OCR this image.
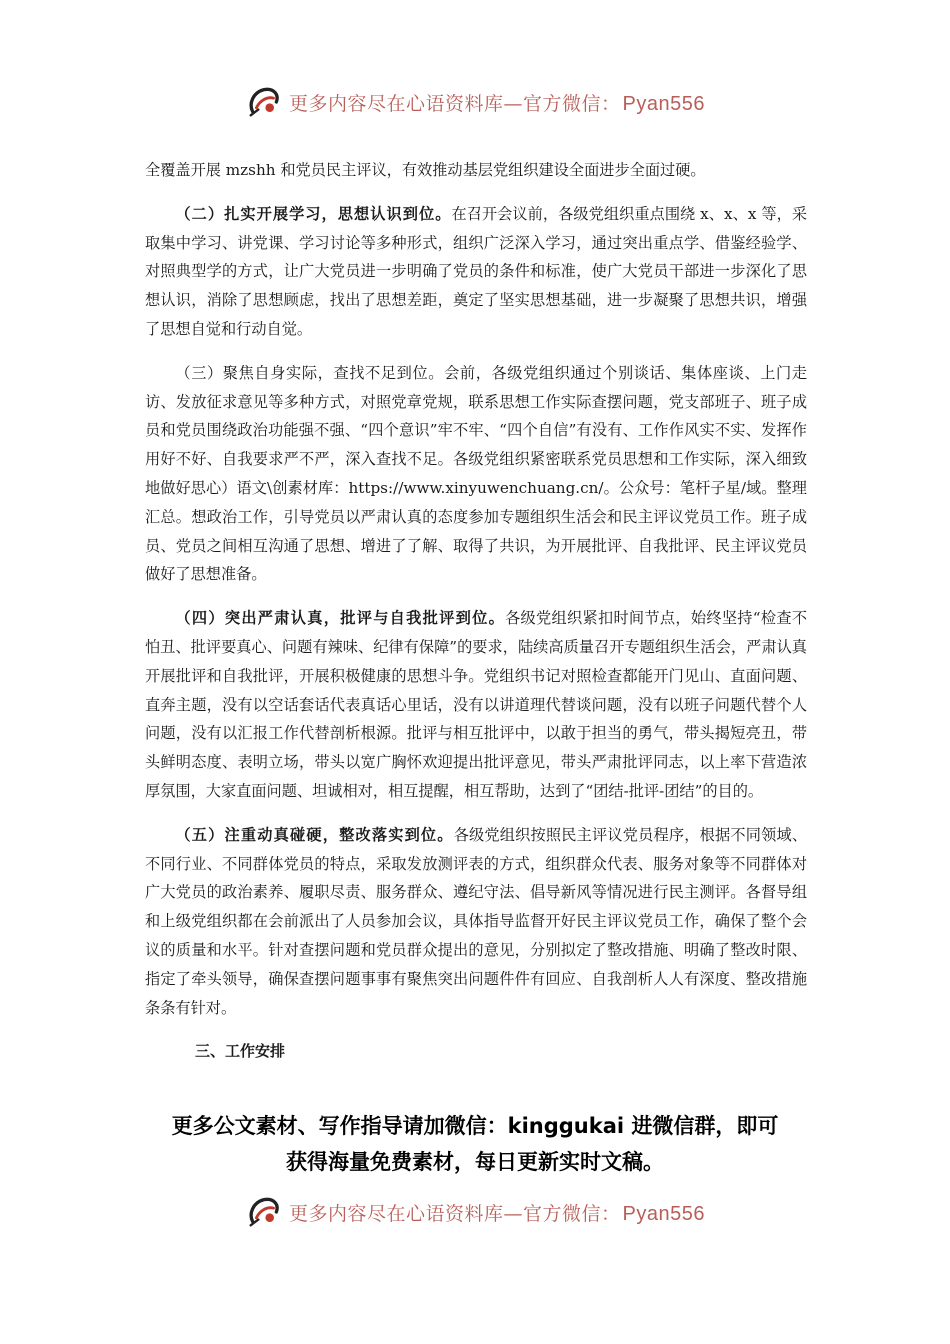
更多内容尽在心语资料库—官方微信： Pyan556

全覆盖开展 mzshh 和党员民主评议，有效推动基层党组织建设全面进步全面过硬。

（二）扎实开展学习，思想认识到位。在召开会议前，各级党组织重点围绕 x、x、x 等，采取集中学习、讲党课、学习讨论等多种形式，组织广泛深入学习，通过突出重点学、借鉴经验学、对照典型学的方式，让广大党员进一步明确了党员的条件和标准，使广大党员干部进一步深化了思想认识，消除了思想顾虑，找出了思想差距，奠定了坚实思想基础，进一步凝聚了思想共识，增强了思想自觉和行动自觉。

（三）聚焦自身实际，查找不足到位。会前，各级党组织通过个别谈话、集体座谈、上门走访、发放征求意见等多种方式，对照党章党规，联系思想工作实际查摆问题，党支部班子、班子成员和党员围绕政治功能强不强、“四个意识”牢不牢、“四个自信”有没有、工作作风实不实、发挥作用好不好、自我要求严不严，深入查找不足。各级党组织紧密联系党员思想和工作实际，深入细致地做好思心）语文\创素材库：https://www.xinyuwenchuang.cn/。公众号：笔杆子星/域。整理汇总。想政治工作，引导党员以严肃认真的态度参加专题组织生活会和民主评议党员工作。班子成员、党员之间相互沟通了思想、增进了了解、取得了共识，为开展批评、自我批评、民主评议党员做好了思想准备。

（四）突出严肃认真，批评与自我批评到位。各级党组织紧扣时间节点，始终坚持“检查不怕丑、批评要真心、问题有辣味、纪律有保障”的要求，陆续高质量召开专题组织生活会，严肃认真开展批评和自我批评，开展积极健康的思想斗争。党组织书记对照检查都能开门见山、直面问题、直奔主题，没有以空话套话代表真话心里话，没有以讲道理代替谈问题，没有以班子问题代替个人问题，没有以汇报工作代替剖析根源。批评与相互批评中，以敢于担当的勇气，带头揭短亮丑，带头鲜明态度、表明立场，带头以宽广胸怀欢迎提出批评意见，带头严肃批评同志，以上率下营造浓厚氛围，大家直面问题、坦诚相对，相互提醒，相互帮助，达到了“团结-批评-团结”的目的。

（五）注重动真碰硬，整改落实到位。各级党组织按照民主评议党员程序，根据不同领域、不同行业、不同群体党员的特点，采取发放测评表的方式，组织群众代表、服务对象等不同群体对广大党员的政治素养、履职尽责、服务群众、遵纪守法、倡导新风等情况进行民主测评。各督导组和上级党组织都在会前派出了人员参加会议，具体指导监督开好民主评议党员工作，确保了整个会议的质量和水平。针对查摆问题和党员群众提出的意见，分别拟定了整改措施、明确了整改时限、指定了牵头领导，确保查摆问题事事有聚焦突出问题件件有回应、自我剖析人人有深度、整改措施条条有针对。

三、工作安排

更多公文素材、写作指导请加微信：kinggukai 进微信群，即可
获得海量免费素材，每日更新实时文稿。
更多内容尽在心语资料库—官方微信： Pyan556
